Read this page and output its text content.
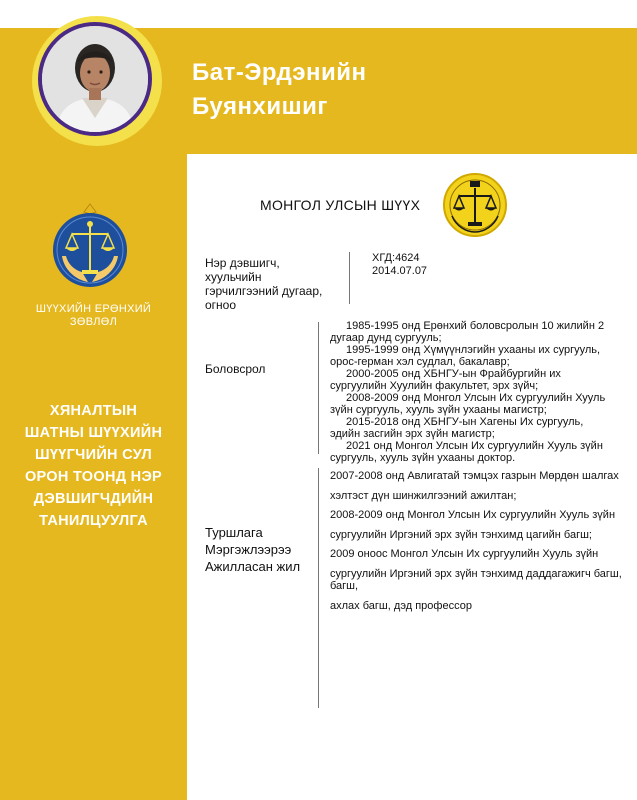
Бат-Эрдэнийн
Буянхишиг
ШҮҮХИЙН ЕРӨНХИЙ
ЗӨВЛӨЛ
ХЯНАЛТЫН
ШАТНЫ ШҮҮХИЙН
ШҮҮГЧИЙН СУЛ
ОРОН ТООНД НЭР
ДЭВШИГЧДИЙН
ТАНИЛЦУУЛГА
МОНГОЛ УЛСЫН ШҮҮХ
Нэр дэвшигч,
хуульчийн
гэрчилгээний дугаар,
огноо
ХГД:4624
2014.07.07
Боловсрол
1985-1995 онд Ерөнхий боловсролын 10 жилийн 2
дугаар дунд сургууль;
1995-1999 онд Хүмүүнлэгийн ухааны их сургууль,
орос-герман хэл судлал, бакалавр;
2000-2005 онд ХБНГУ-ын Фрайбургийн их
сургуулийн Хуулийн факультет, эрх зүйч;
2008-2009 онд Монгол Улсын Их сургуулийн Хууль
зүйн сургууль, хууль зүйн ухааны магистр;
2015-2018 онд ХБНГУ-ын Хагены Их сургууль,
эдийн засгийн эрх зүйн магистр;
2021 онд Монгол Улсын Их сургуулийн Хууль зүйн
сургууль, хууль зүйн ухааны доктор.
Туршлага
Мэргэжлээрээ
Ажилласан жил
2007-2008 онд Авлигатай тэмцэх газрын Мөрдөн шалгах
хэлтэст дүн шинжилгээний ажилтан;
2008-2009 онд Монгол Улсын Их сургуулийн Хууль зүйн
сургуулийн Иргэний эрх зүйн тэнхимд цагийн багш;
2009 оноос Монгол Улсын Их сургуулийн Хууль зүйн
сургуулийн Иргэний эрх зүйн тэнхимд даддагажигч багш, багш,
ахлах багш, дэд профессор
